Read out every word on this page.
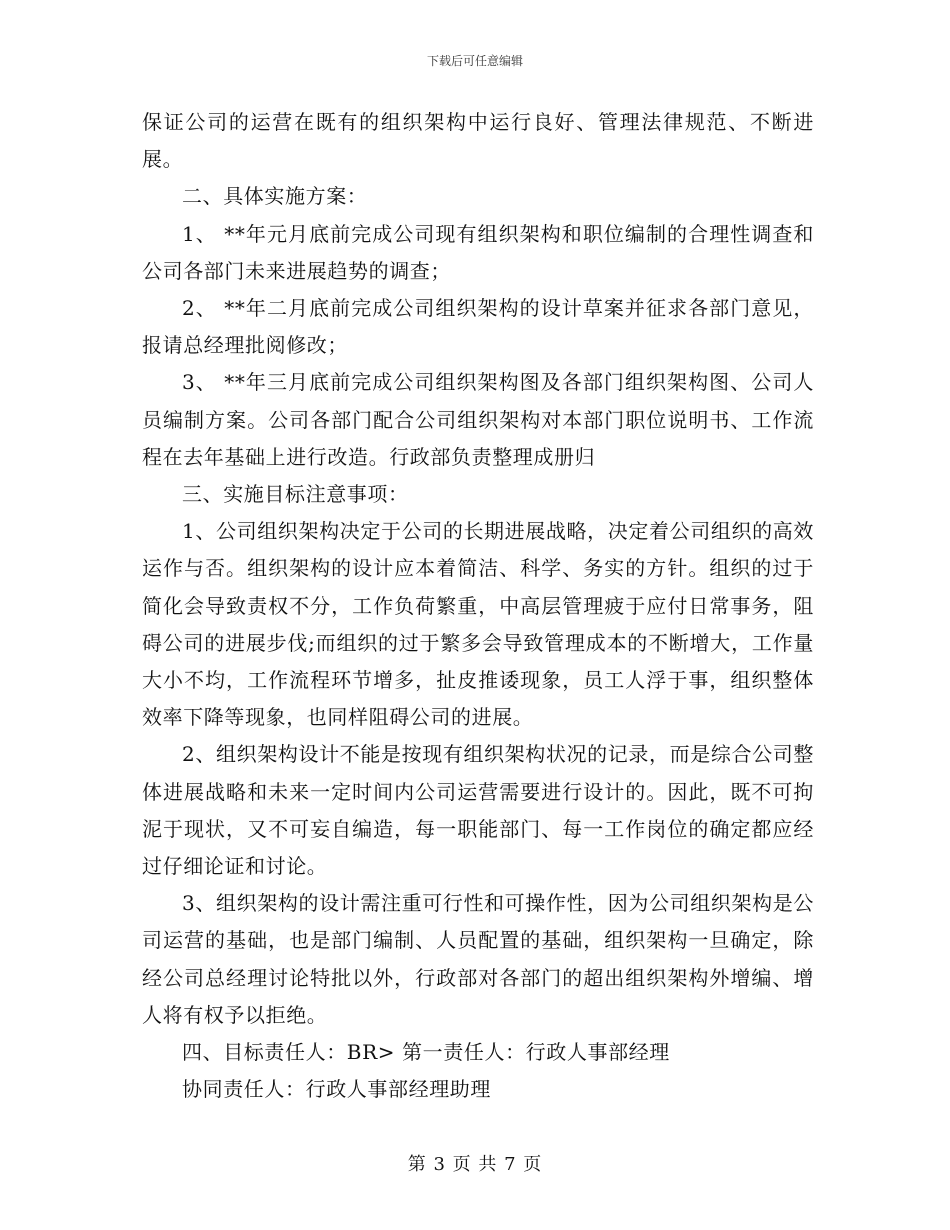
下载后可任意编辑

保证公司的运营在既有的组织架构中运行良好、管理法律规范、不断进展。

二、具体实施方案：

1、 **年元月底前完成公司现有组织架构和职位编制的合理性调查和公司各部门未来进展趋势的调查；

2、 **年二月底前完成公司组织架构的设计草案并征求各部门意见，报请总经理批阅修改；

3、 **年三月底前完成公司组织架构图及各部门组织架构图、公司人员编制方案。公司各部门配合公司组织架构对本部门职位说明书、工作流程在去年基础上进行改造。行政部负责整理成册归

三、实施目标注意事项：

1、公司组织架构决定于公司的长期进展战略，决定着公司组织的高效运作与否。组织架构的设计应本着简洁、科学、务实的方针。组织的过于简化会导致责权不分，工作负荷繁重，中高层管理疲于应付日常事务，阻碍公司的进展步伐;而组织的过于繁多会导致管理成本的不断增大，工作量大小不均，工作流程环节增多，扯皮推诿现象，员工人浮于事，组织整体效率下降等现象，也同样阻碍公司的进展。

2、组织架构设计不能是按现有组织架构状况的记录，而是综合公司整体进展战略和未来一定时间内公司运营需要进行设计的。因此，既不可拘泥于现状，又不可妄自编造，每一职能部门、每一工作岗位的确定都应经过仔细论证和讨论。

3、组织架构的设计需注重可行性和可操作性，因为公司组织架构是公司运营的基础，也是部门编制、人员配置的基础，组织架构一旦确定，除经公司总经理讨论特批以外，行政部对各部门的超出组织架构外增编、增人将有权予以拒绝。

四、目标责任人：BR> 第一责任人：行政人事部经理

协同责任人：行政人事部经理助理

第 3 页 共 7 页
